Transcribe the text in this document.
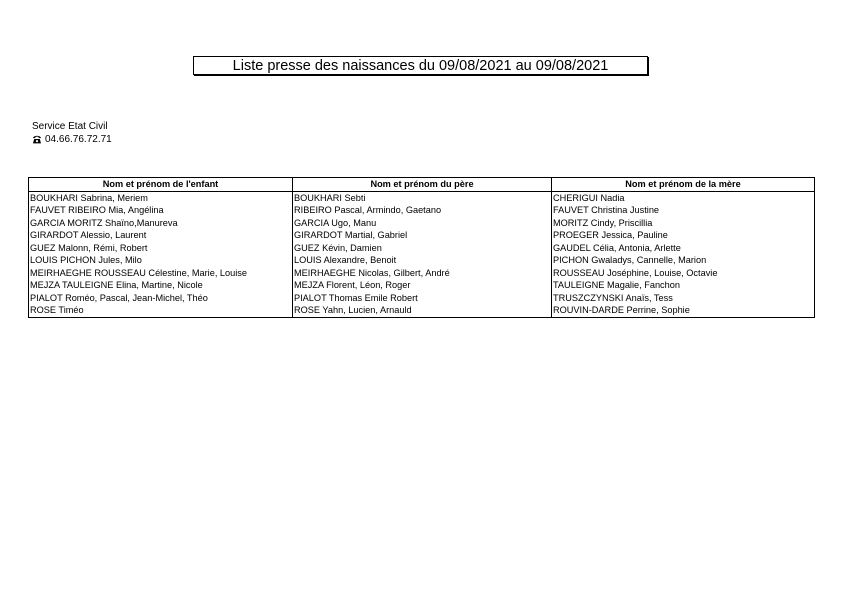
Liste presse des naissances du 09/08/2021 au 09/08/2021
Service Etat Civil
04.66.76.72.71
Nom et prénom de l'enfant	Nom et prénom du père	Nom et prénom de la mère
BOUKHARI Sabrina, Meriem	BOUKHARI Sebti	CHERIGUI Nadia
FAUVET RIBEIRO Mia, Angélina	RIBEIRO Pascal, Armindo, Gaetano	FAUVET Christina Justine
GARCIA MORITZ Shaïno,Manureva	GARCIA Ugo, Manu	MORITZ Cindy, Priscillia
GIRARDOT Alessio, Laurent	GIRARDOT Martial, Gabriel	PROEGER Jessica, Pauline
GUEZ Malonn, Rémi, Robert	GUEZ Kévin, Damien	GAUDEL Célia, Antonia, Arlette
LOUIS PICHON Jules, Milo	LOUIS Alexandre, Benoit	PICHON Gwaladys, Cannelle, Marion
MEIRHAEGHE ROUSSEAU Célestine, Marie, Louise	MEIRHAEGHE Nicolas, Gilbert, André	ROUSSEAU Joséphine, Louise, Octavie
MEJZA TAULEIGNE Elina, Martine, Nicole	MEJZA Florent, Léon, Roger	TAULEIGNE Magalie, Fanchon
PIALOT Roméo, Pascal, Jean-Michel, Théo	PIALOT Thomas Emile Robert	TRUSZCZYNSKI Anaïs, Tess
ROSE Timéo	ROSE Yahn, Lucien, Arnauld	ROUVIN-DARDE Perrine, Sophie
